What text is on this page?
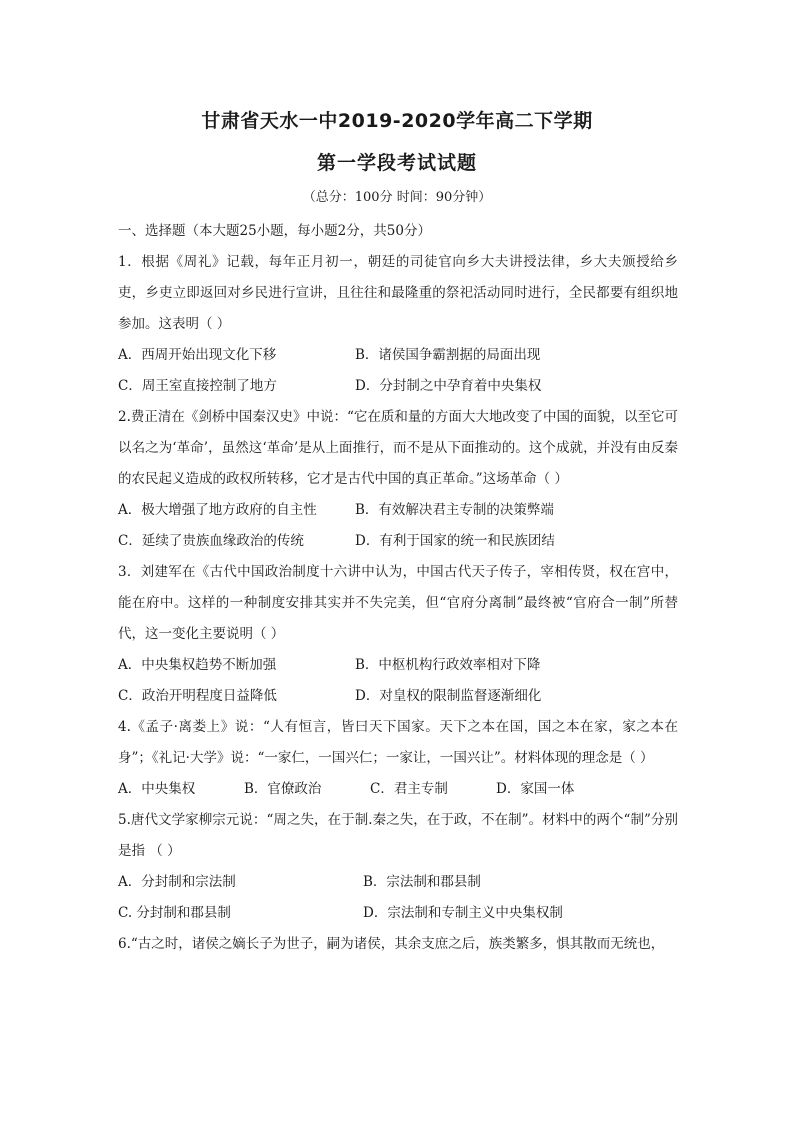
甘肃省天水一中2019-2020学年高二下学期
第一学段考试试题
（总分：100分 时间：90分钟）
一、选择题（本大题25小题，每小题2分，共50分）
1．根据《周礼》记载，每年正月初一，朝廷的司徒官向乡大夫讲授法律，乡大夫颁授给乡吏，乡吏立即返回对乡民进行宣讲，且往往和最隆重的祭祀活动同时进行，全民都要有组织地参加。这表明（ ）
A．西周开始出现文化下移	B．诸侯国争霸割据的局面出现
C．周王室直接控制了地方	D．分封制之中孕育着中央集权
2.费正清在《剑桥中国秦汉史》中说：“它在质和量的方面大大地改变了中国的面貌，以至它可以名之为‘革命’，虽然这‘革命’是从上面推行，而不是从下面推动的。这个成就，并没有由反秦的农民起义造成的政权所转移，它才是古代中国的真正革命。”这场革命（ ）
A．极大增强了地方政府的自主性	B．有效解决君主专制的决策弊端
C．延续了贵族血缘政治的传统	D．有利于国家的统一和民族团结
3．刘建军在《古代中国政治制度十六讲中认为，中国古代天子传子，宰相传贤，权在宫中，能在府中。这样的一种制度安排其实并不失完美，但“官府分离制”最终被“官府合一制”所替代，这一变化主要说明（ ）
A．中央集权趋势不断加强	B．中枢机构行政效率相对下降
C．政治开明程度日益降低	D．对皇权的限制监督逐渐细化
4.《孟子·离娄上》说：“人有恒言，皆曰天下国家。天下之本在国，国之本在家，家之本在身”；《礼记·大学》说：“一家仁，一国兴仁；一家让，一国兴让”。材料体现的理念是（ ）
A．中央集权	B．官僚政治	C．君主专制	D．家国一体
5.唐代文学家柳宗元说：“周之失，在于制.秦之失，在于政，不在制”。材料中的两个“制”分别是指 （ ）
A．分封制和宗法制	B．宗法制和郡县制
C. 分封制和郡县制	D．宗法制和专制主义中央集权制
6.“古之时，诸侯之嫡长子为世子，嗣为诸侯，其余支庶之后，族类繁多，惧其散而无统也，
